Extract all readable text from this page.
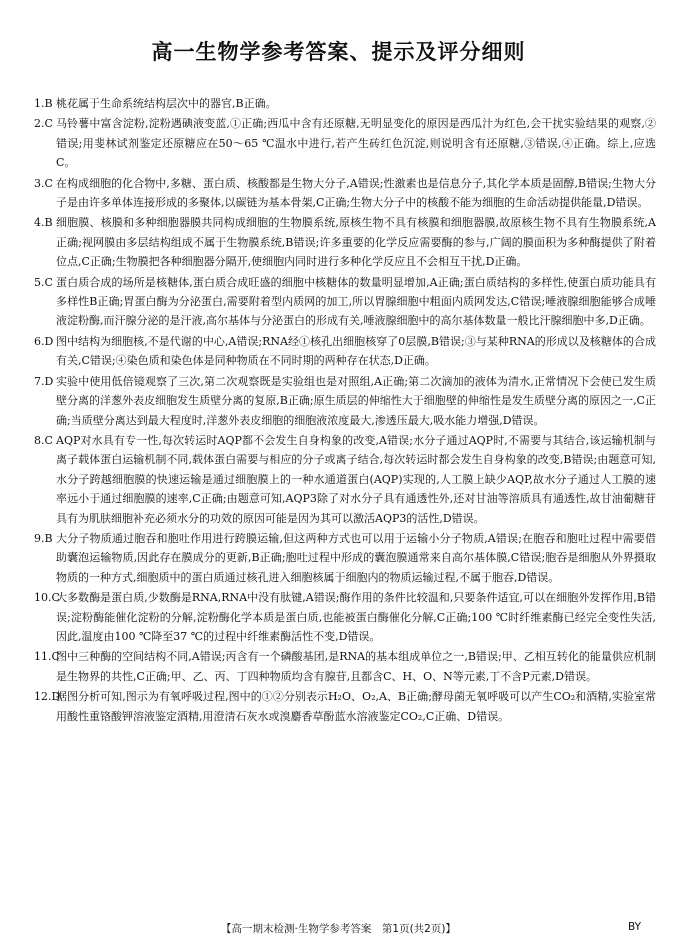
高一生物学参考答案、提示及评分细则
1.B 桃花属于生命系统结构层次中的器官,B正确。
2.C 马铃薯中富含淀粉,淀粉遇碘液变蓝,①正确;西瓜中含有还原糖,无明显变化的原因是西瓜汁为红色,会干扰实验结果的观察,②错误;用斐林试剂鉴定还原糖应在50～65 ℃温水中进行,若产生砖红色沉淀,则说明含有还原糖,③错误,④正确。综上,应选C。
3.C 在构成细胞的化合物中,多糖、蛋白质、核酸都是生物大分子,A错误;性激素也是信息分子,其化学本质是固醇,B错误;生物大分子是由许多单体连接形成的多聚体,以碳链为基本骨架,C正确;生物大分子中的核酸不能为细胞的生命活动提供能量,D错误。
4.B 细胞膜、核膜和多种细胞器膜共同构成细胞的生物膜系统,原核生物不具有核膜和细胞器膜,故原核生物不具有生物膜系统,A正确;视网膜由多层结构组成不属于生物膜系统,B错误;许多重要的化学反应需要酶的参与,广阔的膜面积为多种酶提供了附着位点,C正确;生物膜把各种细胞器分隔开,使细胞内同时进行多种化学反应且不会相互干扰,D正确。
5.C 蛋白质合成的场所是核糖体,蛋白质合成旺盛的细胞中核糖体的数量明显增加,A正确;蛋白质结构的多样性,使蛋白质功能具有多样性B正确;胃蛋白酶为分泌蛋白,需要附着型内质网的加工,所以胃腺细胞中粗面内质网发达,C错误;唾液腺细胞能够合成唾液淀粉酶,而汗腺分泌的是汗液,高尔基体与分泌蛋白的形成有关,唾液腺细胞中的高尔基体数量一般比汗腺细胞中多,D正确。
6.D 图中结构为细胞核,不是代谢的中心,A错误;RNA经①核孔出细胞核穿了0层膜,B错误;③与某种RNA的形成以及核糖体的合成有关,C错误;④染色质和染色体是同种物质在不同时期的两种存在状态,D正确。
7.D 实验中使用低倍镜观察了三次,第二次观察既是实验组也是对照组,A正确;第二次滴加的液体为清水,正常情况下会使已发生质壁分离的洋葱外表皮细胞发生质壁分离的复原,B正确;原生质层的伸缩性大于细胞壁的伸缩性是发生质壁分离的原因之一,C正确;当质壁分离达到最大程度时,洋葱外表皮细胞的细胞液浓度最大,渗透压最大,吸水能力增强,D错误。
8.C AQP对水具有专一性,每次转运时AQP都不会发生自身构象的改变,A错误;水分子通过AQP时,不需要与其结合,该运输机制与离子载体蛋白运输机制不同,载体蛋白需要与相应的分子或离子结合,每次转运时都会发生自身构象的改变,B错误;由题意可知,水分子跨越细胞膜的快速运输是通过细胞膜上的一种水通道蛋白(AQP)实现的,人工膜上缺少AQP,故水分子通过人工膜的速率远小于通过细胞膜的速率,C正确;由题意可知,AQP3除了对水分子具有通透性外,还对甘油等溶质具有通透性,故甘油葡糖苷具有为肌肤细胞补充必须水分的功效的原因可能是因为其可以激活AQP3的活性,D错误。
9.B 大分子物质通过胞吞和胞吐作用进行跨膜运输,但这两种方式也可以用于运输小分子物质,A错误;在胞吞和胞吐过程中需要借助囊泡运输物质,因此存在膜成分的更新,B正确;胞吐过程中形成的囊泡膜通常来自高尔基体膜,C错误;胞吞是细胞从外界摄取物质的一种方式,细胞质中的蛋白质通过核孔进入细胞核属于细胞内的物质运输过程,不属于胞吞,D错误。
10.C
大多数酶是蛋白质,少数酶是RNA,RNA中没有肽键,A错误;酶作用的条件比较温和,只要条件适宜,可以在细胞外发挥作用,B错误;淀粉酶能催化淀粉的分解,淀粉酶化学本质是蛋白质,也能被蛋白酶催化分解,C正确;100 ℃时纤维素酶已经完全变性失活,因此,温度由100 ℃降至37 ℃的过程中纤维素酶活性不变,D错误。
11.C
图中三种酶的空间结构不同,A错误;丙含有一个磷酸基团,是RNA的基本组成单位之一,B错误;甲、乙相互转化的能量供应机制是生物界的共性,C正确;甲、乙、丙、丁四种物质均含有腺苷,且都含C、H、O、N等元素,丁不含P元素,D错误。
12.D
据图分析可知,图示为有氧呼吸过程,图中的①②分别表示H₂O、O₂,A、B正确;酵母菌无氧呼吸可以产生CO₂和酒精,实验室常用酸性重铬酸钾溶液鉴定酒精,用澄清石灰水或溴麝香草酚蓝水溶液鉴定CO₂,C正确、D错误。
【高一期末检测·生物学参考答案　第1页(共2页)】	BY
